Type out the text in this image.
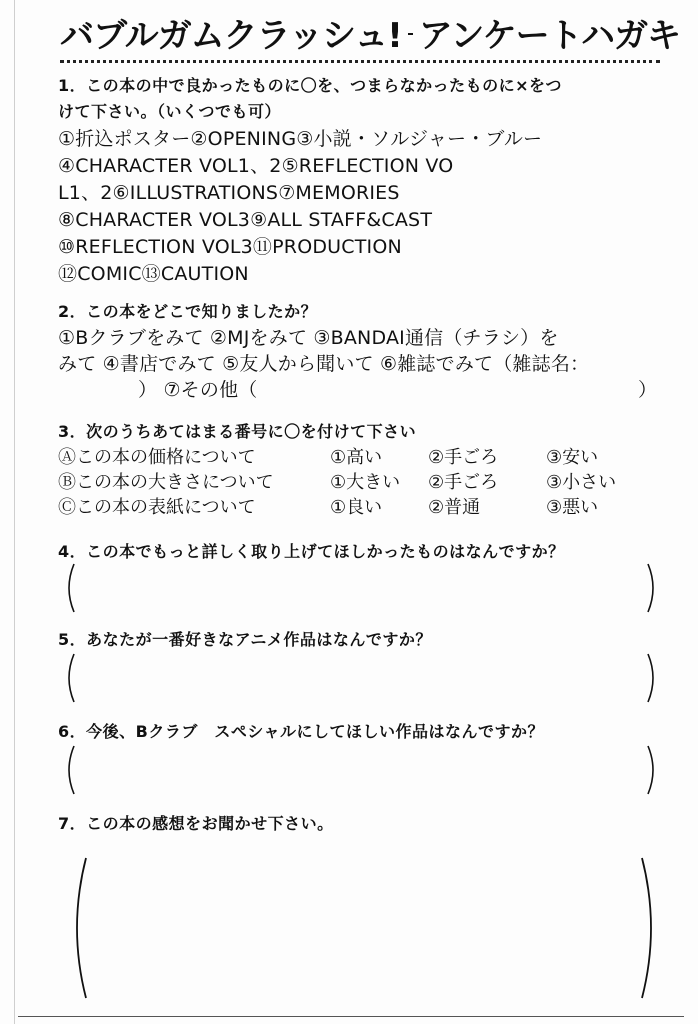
バブルガムクラッシュ! アンケートハガキ
1．この本の中で良かったものに〇を、つまらなかったものに×をつ
けて下さい。（いくつでも可）
①折込ポスター②OPENING③小説・ソルジャー・ブルー
④CHARACTER VOL1、2⑤REFLECTION VO
L1、2⑥ILLUSTRATIONS⑦MEMORIES
⑧CHARACTER VOL3⑨ALL STAFF&CAST
⑩REFLECTION VOL3⑪PRODUCTION
⑫COMIC⑬CAUTION
2．この本をどこで知りましたか？
①Bクラブをみて ②MJをみて ③BANDAI通信（チラシ）を
みて ④書店でみて ⑤友人から聞いて ⑥雑誌でみて（雑誌名：
） ⑦その他（	）
3．次のうちあてはまる番号に〇を付けて下さい
Ⓐこの本の価格について	①高い	②手ごろ	③安い
Ⓑこの本の大きさについて	①大きい ②手ごろ	③小さい
Ⓒこの本の表紙について	①良い	②普通	③悪い
4．この本でもっと詳しく取り上げてほしかったものはなんですか？
5．あなたが一番好きなアニメ作品はなんですか？
6．今後、Bクラブ　スペシャルにしてほしい作品はなんですか？
7．この本の感想をお聞かせ下さい。
